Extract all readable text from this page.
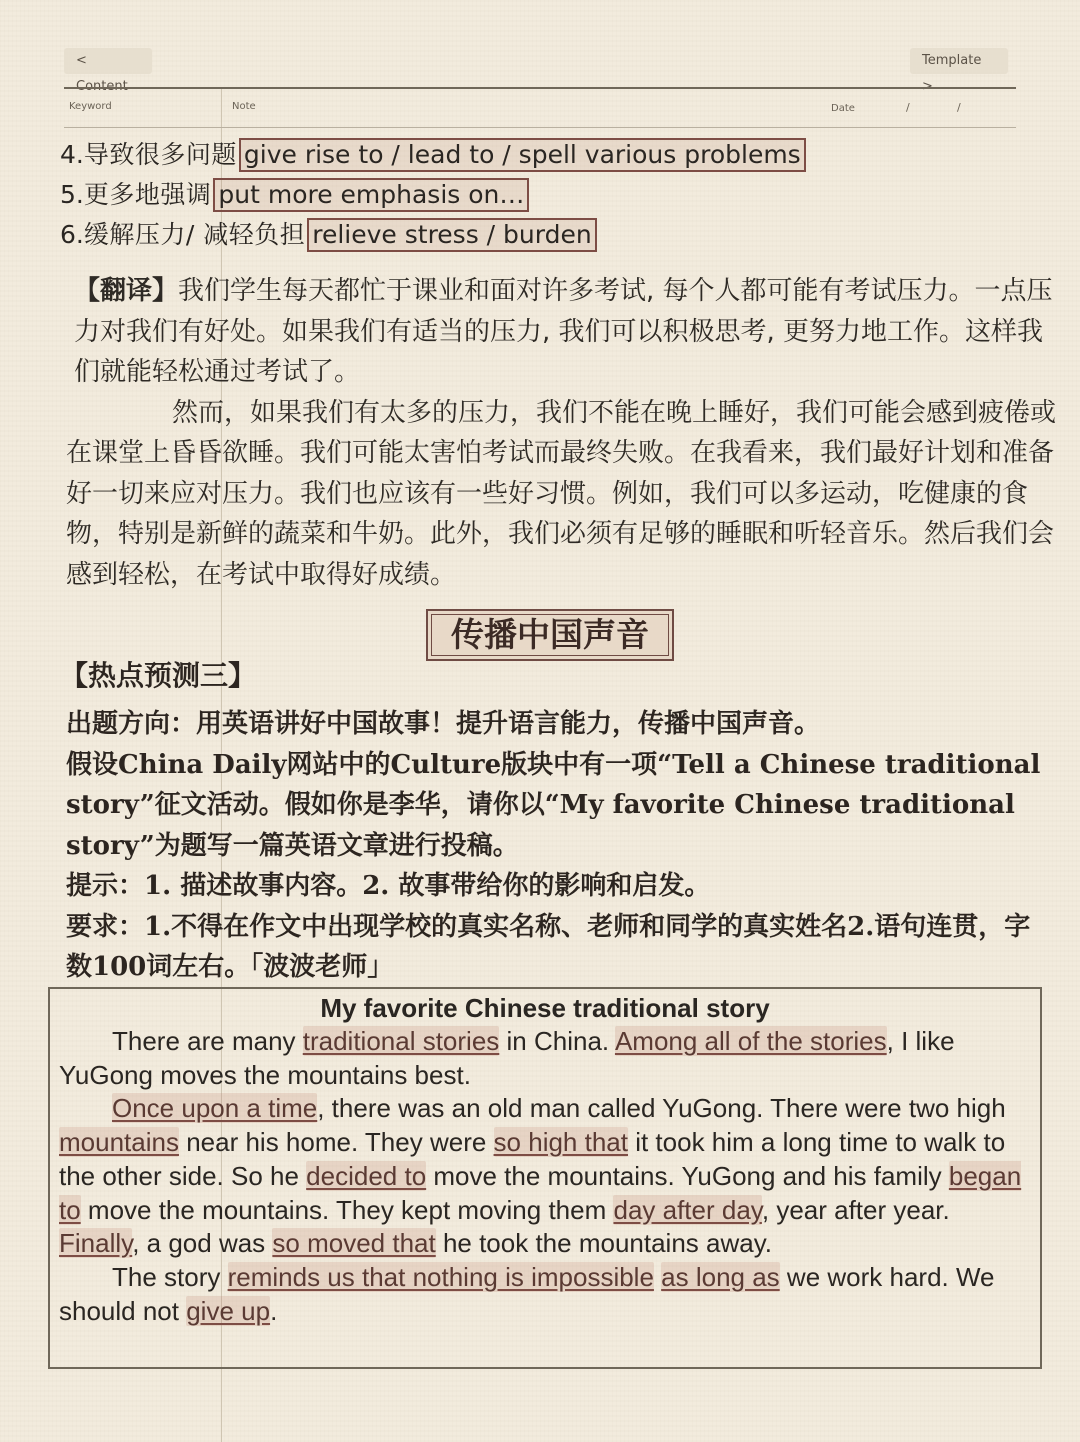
<	Template
Keyword	Note	Date	/	/
4.导致很多问题 give rise to / lead to / spell various problems
5.更多地强调 put more emphasis on…
6.缓解压力/ 减轻负担 relieve stress / burden

【翻译】我们学生每天都忙于课业和面对许多考试, 每个人都可能有考试压力。一点压力对我们有好处。如果我们有适当的压力, 我们可以积极思考, 更努力地工作。这样我们就能轻松通过考试了。

然而，如果我们有太多的压力，我们不能在晚上睡好，我们可能会感到疲倦或在课堂上昏昏欲睡。我们可能太害怕考试而最终失败。在我看来，我们最好计划和准备好一切来应对压力。我们也应该有一些好习惯。例如，我们可以多运动，吃健康的食物，特别是新鲜的蔬菜和牛奶。此外，我们必须有足够的睡眠和听轻音乐。然后我们会感到轻松，在考试中取得好成绩。

传播中国声音
【热点预测三】

出题方向：用英语讲好中国故事！提升语言能力，传播中国声音。

假设China Daily网站中的Culture版块中有一项“Tell a Chinese traditional story”征文活动。假如你是李华，请你以“My favorite Chinese traditional story”为题写一篇英语文章进行投稿。

提示：1. 描述故事内容。2. 故事带给你的影响和启发。

要求：1.不得在作文中出现学校的真实名称、老师和同学的真实姓名2.语句连贯，字数100词左右。「波波老师」

My favorite Chinese traditional story

There are many traditional stories in China. Among all of the stories, I like YuGong moves the mountains best.

Once upon a time, there was an old man called YuGong. There were two high mountains near his home. They were so high that it took him a long time to walk to the other side. So he decided to move the mountains. YuGong and his family began to move the mountains. They kept moving them day after day, year after year. Finally, a god was so moved that he took the mountains away.

The story reminds us that nothing is impossible as long as we work hard. We should not give up.
